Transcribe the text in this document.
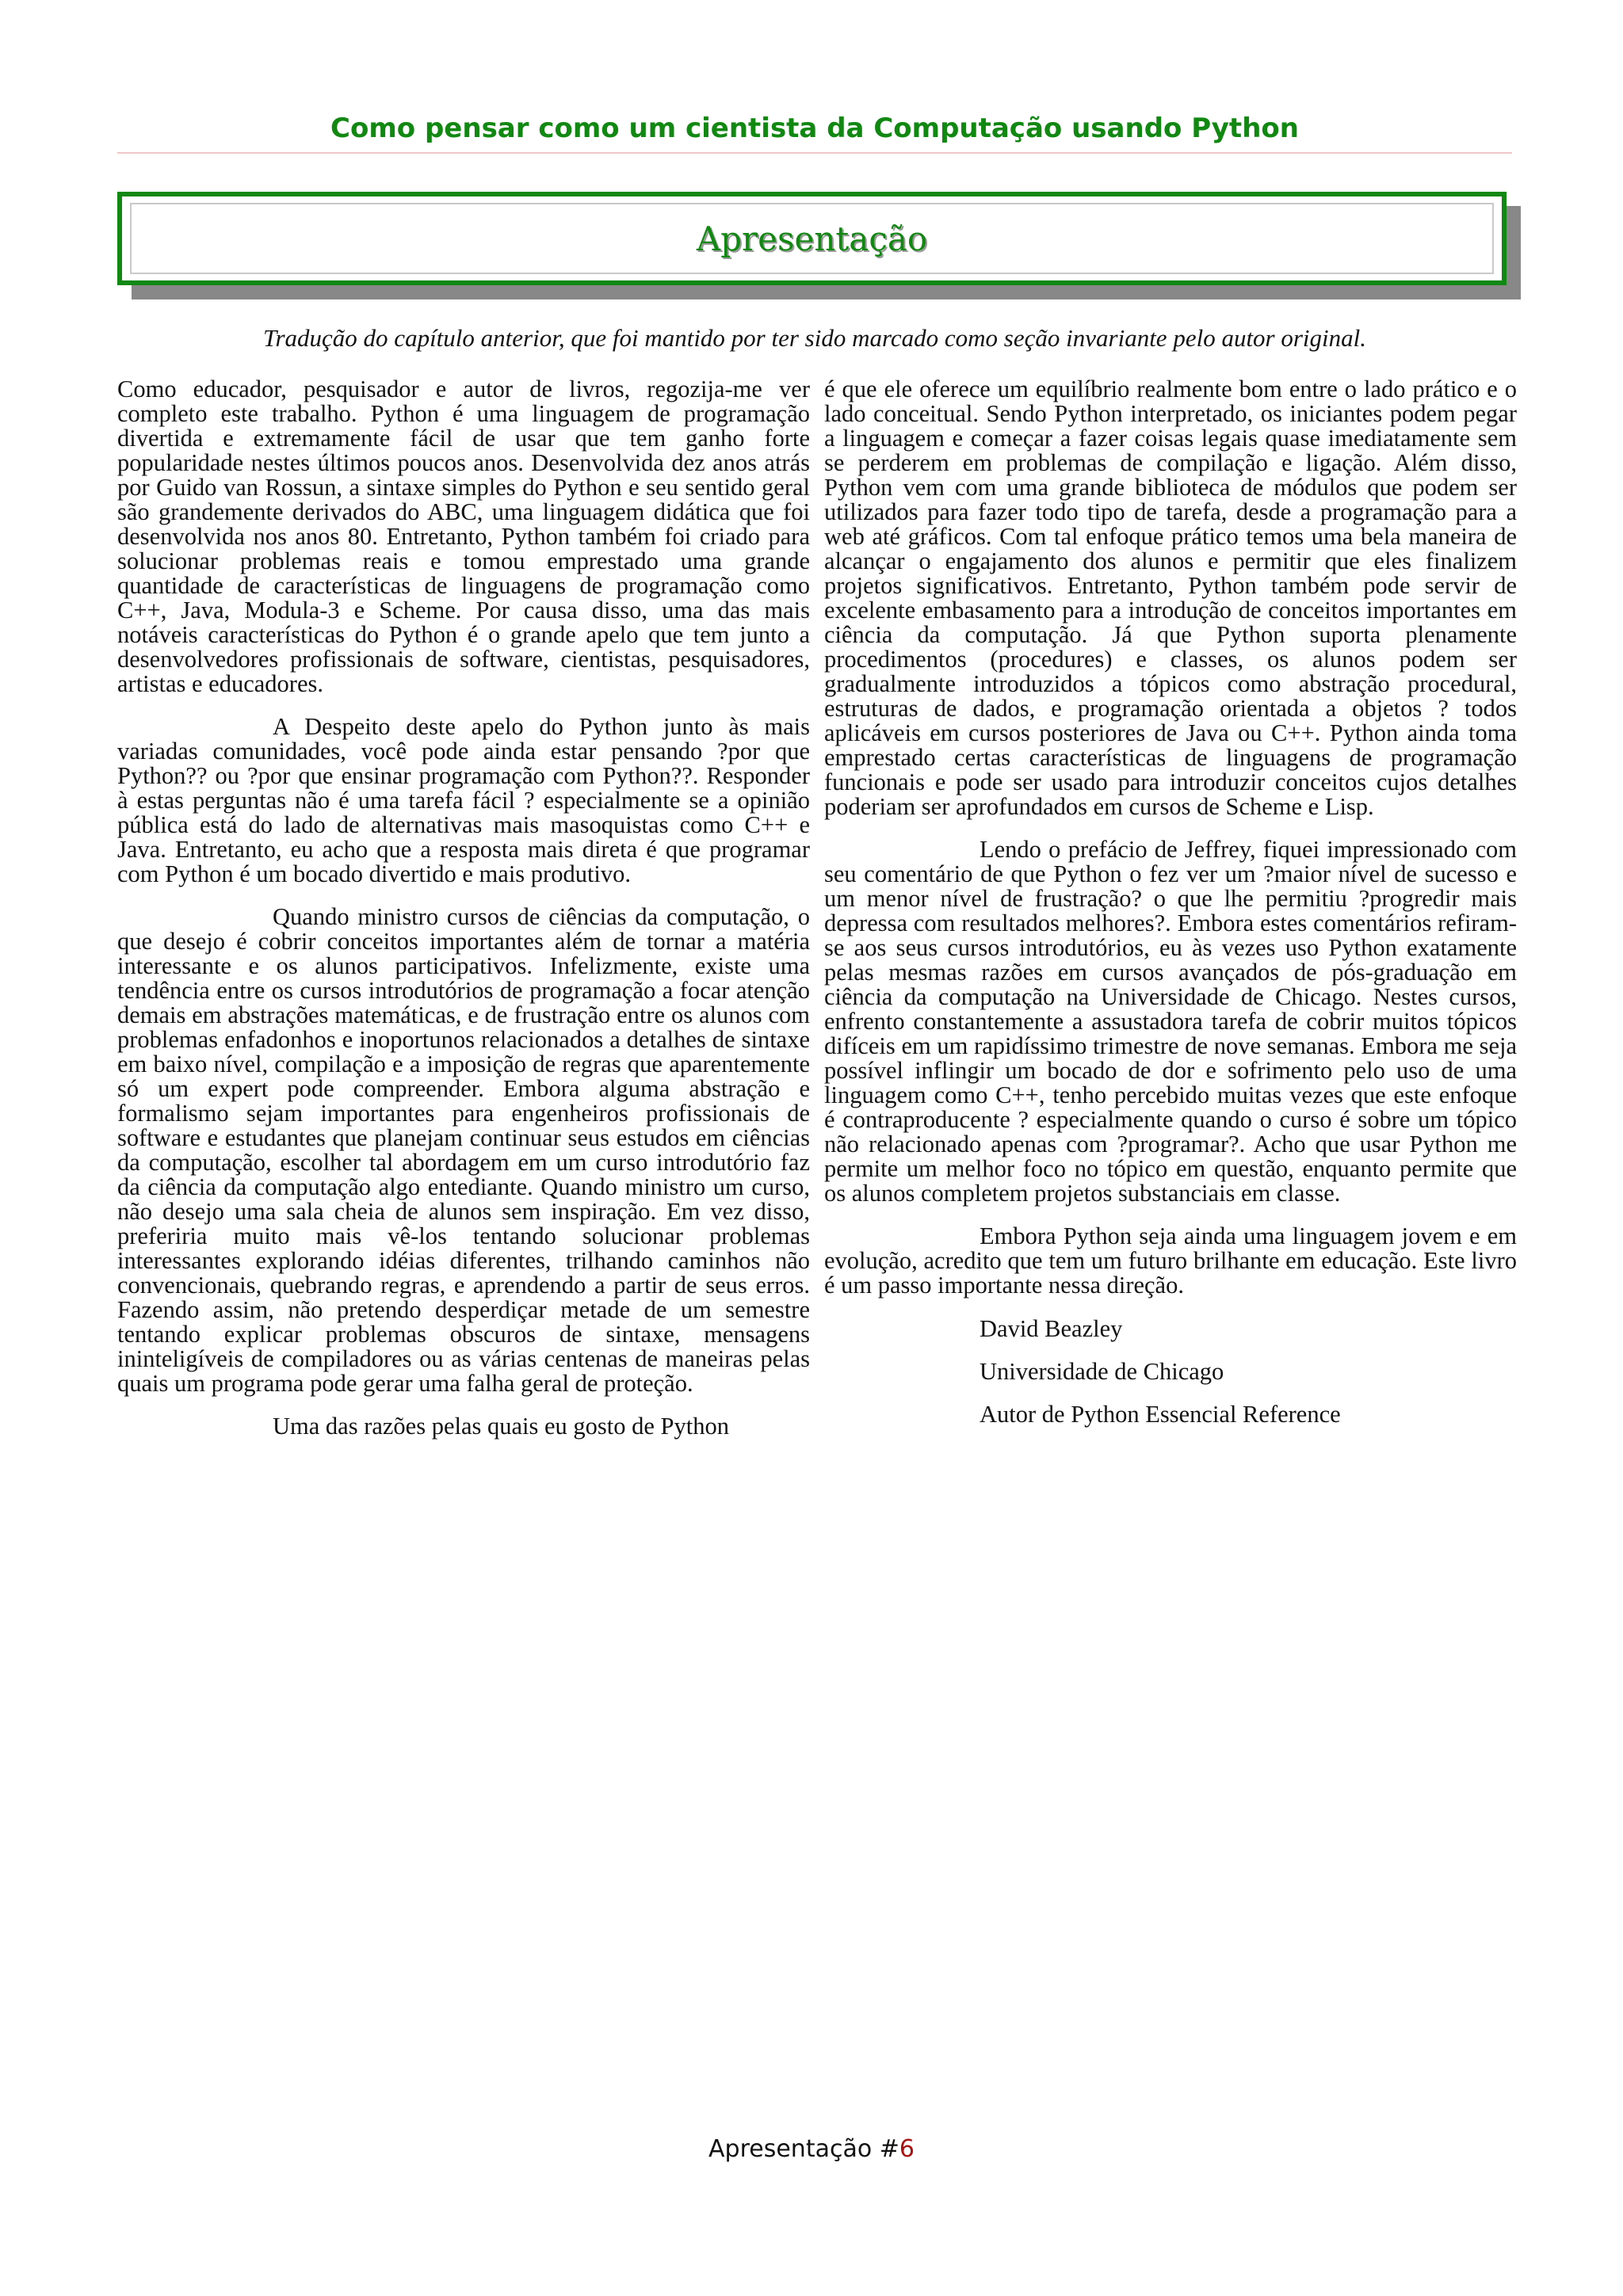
Como pensar como um cientista da Computação usando Python
Apresentação
Tradução do capítulo anterior, que foi mantido por ter sido marcado como seção invariante pelo autor original.

Como educador, pesquisador e autor de livros, regozija-me ver completo este trabalho. Python é uma linguagem de programação divertida e extremamente fácil de usar que tem ganho forte popularidade nestes últimos poucos anos. Desenvolvida dez anos atrás por Guido van Rossun, a sintaxe simples do Python e seu sentido geral são grandemente derivados do ABC, uma linguagem didática que foi desenvolvida nos anos 80. Entretanto, Python também foi criado para solucionar problemas reais e tomou emprestado uma grande quantidade de características de linguagens de programação como C++, Java, Modula-3 e Scheme. Por causa disso, uma das mais notáveis características do Python é o grande apelo que tem junto a desenvolvedores profissionais de software, cientistas, pesquisadores, artistas e educadores.

A Despeito deste apelo do Python junto às mais variadas comunidades, você pode ainda estar pensando ?por que Python?? ou ?por que ensinar programação com Python??. Responder à estas perguntas não é uma tarefa fácil ? especialmente se a opinião pública está do lado de alternativas mais masoquistas como C++ e Java. Entretanto, eu acho que a resposta mais direta é que programar com Python é um bocado divertido e mais produtivo.

Quando ministro cursos de ciências da computação, o que desejo é cobrir conceitos importantes além de tornar a matéria interessante e os alunos participativos. Infelizmente, existe uma tendência entre os cursos introdutórios de programação a focar atenção demais em abstrações matemáticas, e de frustração entre os alunos com problemas enfadonhos e inoportunos relacionados a detalhes de sintaxe em baixo nível, compilação e a imposição de regras que aparentemente só um expert pode compreender. Embora alguma abstração e formalismo sejam importantes para engenheiros profissionais de software e estudantes que planejam continuar seus estudos em ciências da computação, escolher tal abordagem em um curso introdutório faz da ciência da computação algo entediante. Quando ministro um curso, não desejo uma sala cheia de alunos sem inspiração. Em vez disso, preferiria muito mais vê-los tentando solucionar problemas interessantes explorando idéias diferentes, trilhando caminhos não convencionais, quebrando regras, e aprendendo a partir de seus erros. Fazendo assim, não pretendo desperdiçar metade de um semestre tentando explicar problemas obscuros de sintaxe, mensagens ininteligíveis de compiladores ou as várias centenas de maneiras pelas quais um programa pode gerar uma falha geral de proteção.

Uma das razões pelas quais eu gosto de Python

é que ele oferece um equilíbrio realmente bom entre o lado prático e o lado conceitual. Sendo Python interpretado, os iniciantes podem pegar a linguagem e começar a fazer coisas legais quase imediatamente sem se perderem em problemas de compilação e ligação. Além disso, Python vem com uma grande biblioteca de módulos que podem ser utilizados para fazer todo tipo de tarefa, desde a programação para a web até gráficos. Com tal enfoque prático temos uma bela maneira de alcançar o engajamento dos alunos e permitir que eles finalizem projetos significativos. Entretanto, Python também pode servir de excelente embasamento para a introdução de conceitos importantes em ciência da computação. Já que Python suporta plenamente procedimentos (procedures) e classes, os alunos podem ser gradualmente introduzidos a tópicos como abstração procedural, estruturas de dados, e programação orientada a objetos ? todos aplicáveis em cursos posteriores de Java ou C++. Python ainda toma emprestado certas características de linguagens de programação funcionais e pode ser usado para introduzir conceitos cujos detalhes poderiam ser aprofundados em cursos de Scheme e Lisp.

Lendo o prefácio de Jeffrey, fiquei impressionado com seu comentário de que Python o fez ver um ?maior nível de sucesso e um menor nível de frustração? o que lhe permitiu ?progredir mais depressa com resultados melhores?. Embora estes comentários refiram-se aos seus cursos introdutórios, eu às vezes uso Python exatamente pelas mesmas razões em cursos avançados de pós-graduação em ciência da computação na Universidade de Chicago. Nestes cursos, enfrento constantemente a assustadora tarefa de cobrir muitos tópicos difíceis em um rapidíssimo trimestre de nove semanas. Embora me seja possível inflingir um bocado de dor e sofrimento pelo uso de uma linguagem como C++, tenho percebido muitas vezes que este enfoque é contraproducente ? especialmente quando o curso é sobre um tópico não relacionado apenas com ?programar?. Acho que usar Python me permite um melhor foco no tópico em questão, enquanto permite que os alunos completem projetos substanciais em classe.

Embora Python seja ainda uma linguagem jovem e em evolução, acredito que tem um futuro brilhante em educação. Este livro é um passo importante nessa direção.

David Beazley
Universidade de Chicago
Autor de Python Essencial Reference
Apresentação #6
